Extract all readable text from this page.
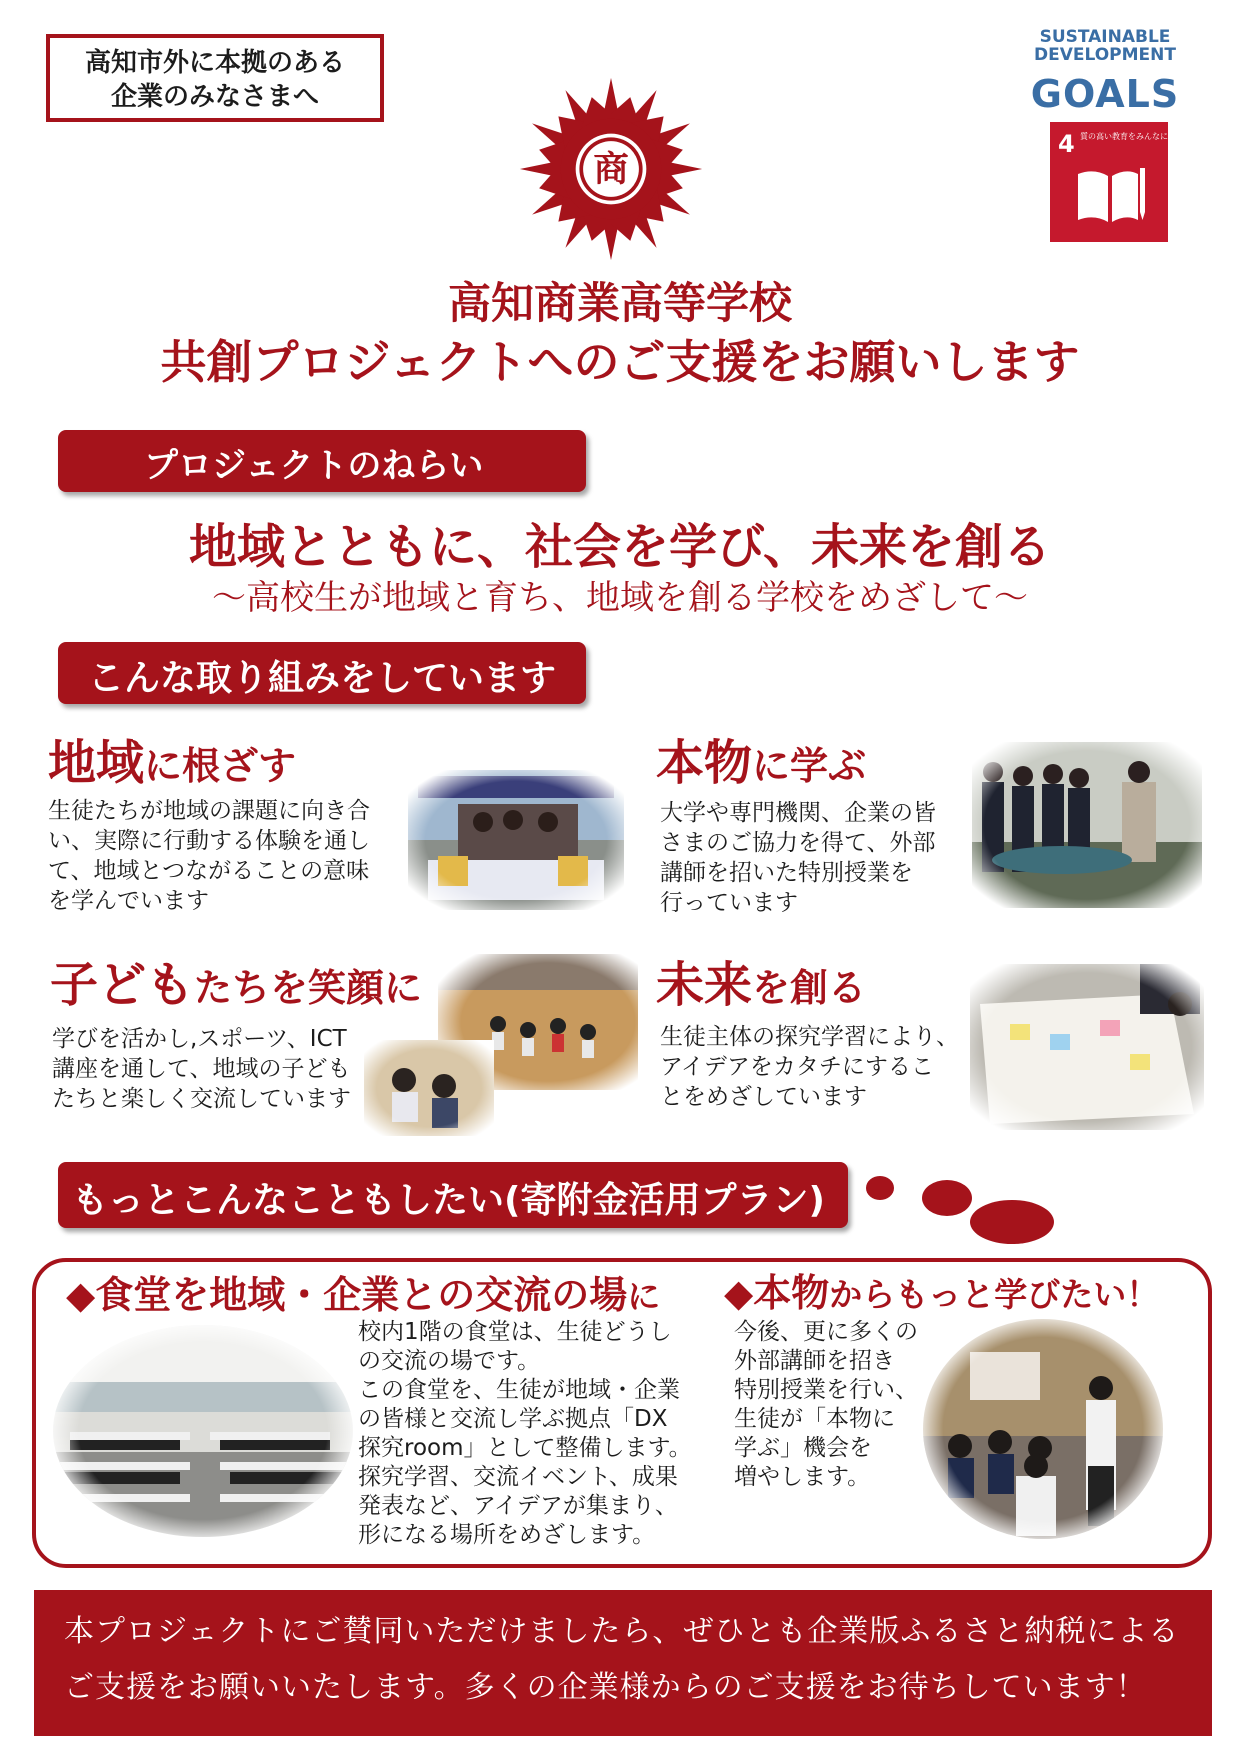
高知市外に本拠のある
企業のみなさまへ
SUSTAINABLE
DEVELOPMENT
GOALS
4 質の高い教育をみんなに
商
高知商業高等学校
共創プロジェクトへのご支援をお願いします
プロジェクトのねらい
地域とともに、社会を学び、未来を創る
～高校生が地域と育ち、地域を創る学校をめざして～
こんな取り組みをしています
地域に根ざす
生徒たちが地域の課題に向き合
い、実際に行動する体験を通し
て、地域とつながることの意味
を学んでいます
本物に学ぶ
大学や専門機関、企業の皆
さまのご協力を得て、外部
講師を招いた特別授業を
行っています
子どもたちを笑顔に
学びを活かし,スポーツ、ICT
講座を通して、地域の子ども
たちと楽しく交流しています
未来を創る
生徒主体の探究学習により、
アイデアをカタチにするこ
とをめざしています
もっとこんなこともしたい(寄附金活用プラン)
◆食堂を地域・企業との交流の場に
校内1階の食堂は、生徒どうし
の交流の場です。
この食堂を、生徒が地域・企業
の皆様と交流し学ぶ拠点「DX
探究room」として整備します。
探究学習、交流イベント、成果
発表など、アイデアが集まり、
形になる場所をめざします。
◆本物からもっと学びたい！
今後、更に多くの
外部講師を招き
特別授業を行い、
生徒が「本物に
学ぶ」機会を
増やします。
本プロジェクトにご賛同いただけましたら、ぜひとも企業版ふるさと納税による
ご支援をお願いいたします。多くの企業様からのご支援をお待ちしています！
